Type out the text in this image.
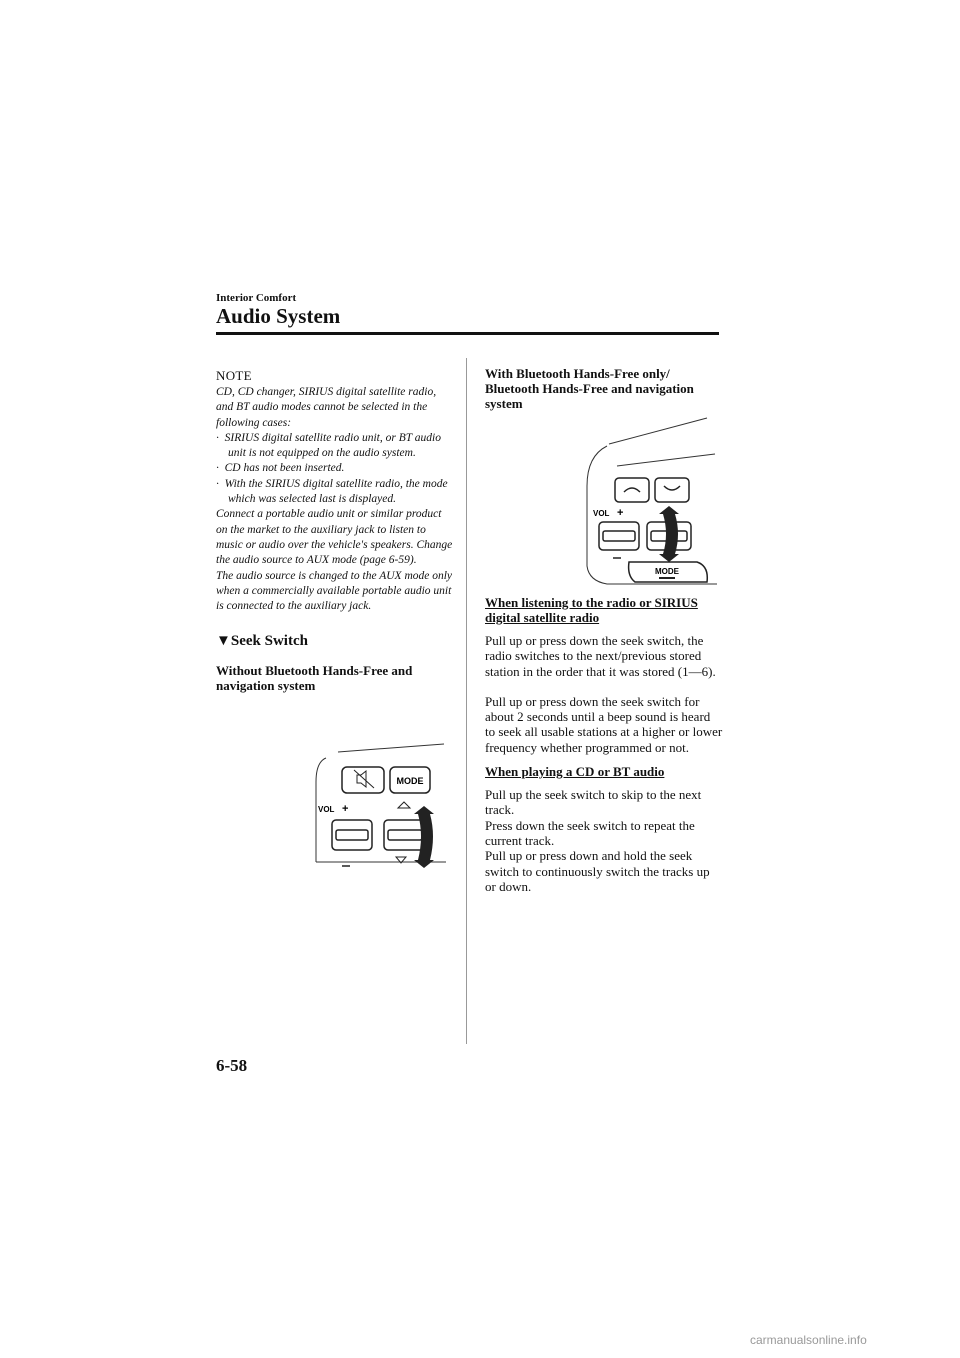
Interior Comfort
Audio System
NOTE

CD, CD changer, SIRIUS digital satellite radio, and BT audio modes cannot be selected in the following cases:

·  SIRIUS digital satellite radio unit, or BT audio unit is not equipped on the audio system.

·  CD has not been inserted.

·  With the SIRIUS digital satellite radio, the mode which was selected last is displayed.

Connect a portable audio unit or similar product on the market to the auxiliary jack to listen to music or audio over the vehicle's speakers. Change the audio source to AUX mode (page 6-59).

The audio source is changed to the AUX mode only when a commercially available portable audio unit is connected to the auxiliary jack.

▼Seek Switch
Without Bluetooth Hands-Free and navigation system
MODE
VOL +
With Bluetooth Hands-Free only/ Bluetooth Hands-Free and navigation system
VOL +
MODE
When listening to the radio or SIRIUS digital satellite radio

Pull up or press down the seek switch, the radio switches to the next/previous stored station in the order that it was stored (1―6).

Pull up or press down the seek switch for about 2 seconds until a beep sound is heard to seek all usable stations at a higher or lower frequency whether programmed or not.

When playing a CD or BT audio

Pull up the seek switch to skip to the next track.

Press down the seek switch to repeat the current track.

Pull up or press down and hold the seek switch to continuously switch the tracks up or down.

6-58
carmanualsonline.info
